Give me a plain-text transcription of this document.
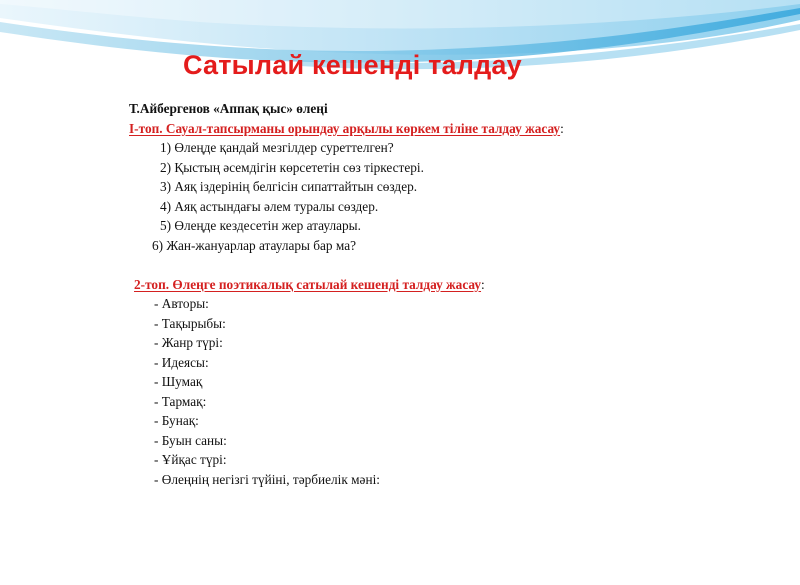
Сатылай кешенді талдау
Т.Айбергенов «Аппақ қыс» өлеңі
І-топ. Сауал-тапсырманы орындау арқылы көркем тіліне талдау жасау:
1) Өлеңде қандай мезгілдер суреттелген?
2) Қыстың әсемдігін көрсететін сөз тіркестері.
3) Аяқ іздерінің белгісін сипаттайтын сөздер.
4) Аяқ астындағы әлем туралы сөздер.
5) Өлеңде кездесетін жер атаулары.
6) Жан-жануарлар атаулары бар ма?
2-топ. Өлеңге поэтикалық сатылай кешенді талдау жасау:
- Авторы:
- Тақырыбы:
- Жанр түрі:
- Идеясы:
- Шумақ
- Тармақ:
- Бунақ:
- Буын саны:
- Ұйқас түрі:
- Өлеңнің негізгі түйіні, тәрбиелік мәні:
